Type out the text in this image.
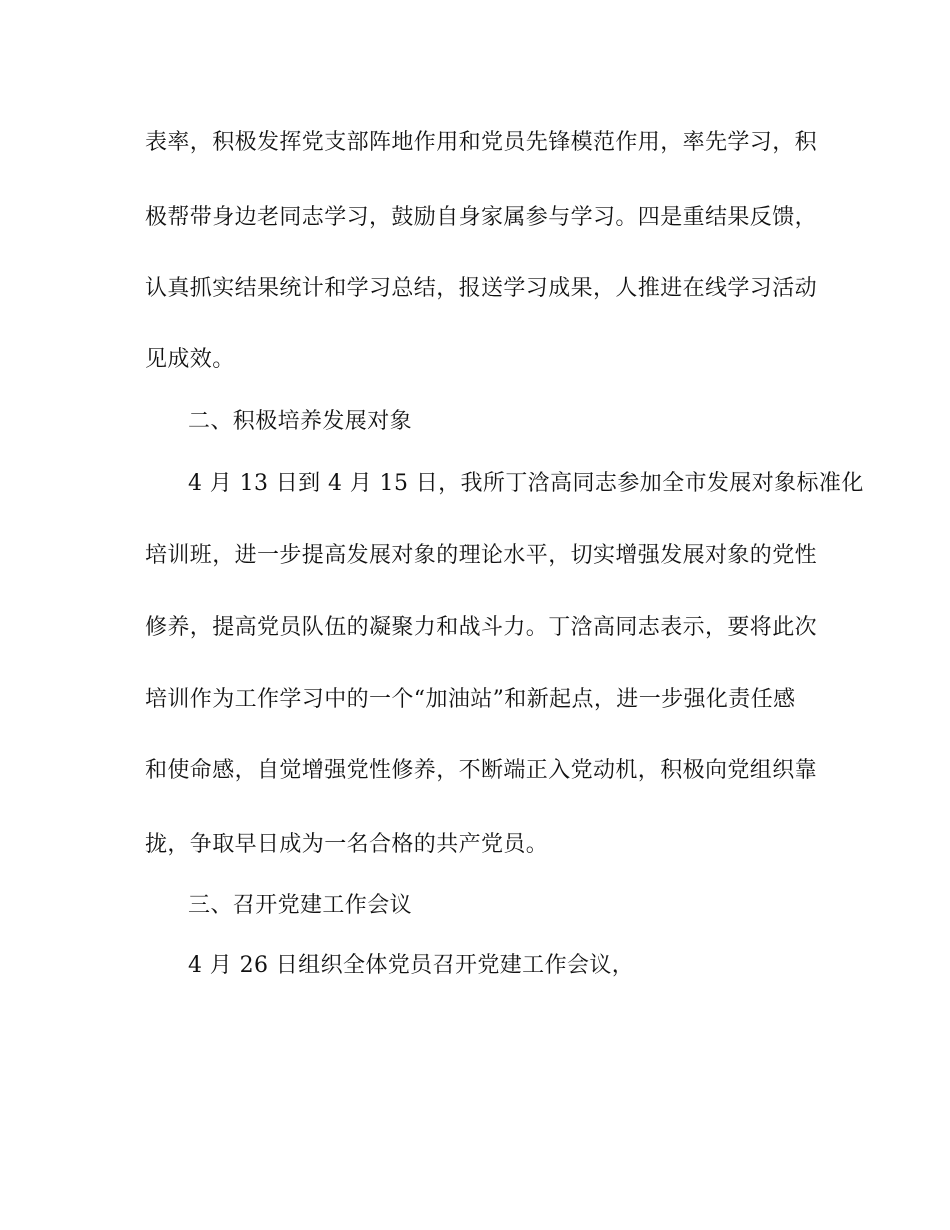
表率，积极发挥党支部阵地作用和党员先锋模范作用，率先学习，积
极帮带身边老同志学习，鼓励自身家属参与学习。四是重结果反馈，
认真抓实结果统计和学习总结，报送学习成果，人推进在线学习活动
见成效。
二、积极培养发展对象
4 月 13 日到 4 月 15 日，我所丁浛高同志参加全市发展对象标准化
培训班，进一步提高发展对象的理论水平，切实增强发展对象的党性
修养，提高党员队伍的凝聚力和战斗力。丁浛高同志表示，要将此次
培训作为工作学习中的一个“加油站”和新起点，进一步强化责任感
和使命感，自觉增强党性修养，不断端正入党动机，积极向党组织靠
拢，争取早日成为一名合格的共产党员。
三、召开党建工作会议
4 月 26 日组织全体党员召开党建工作会议，
